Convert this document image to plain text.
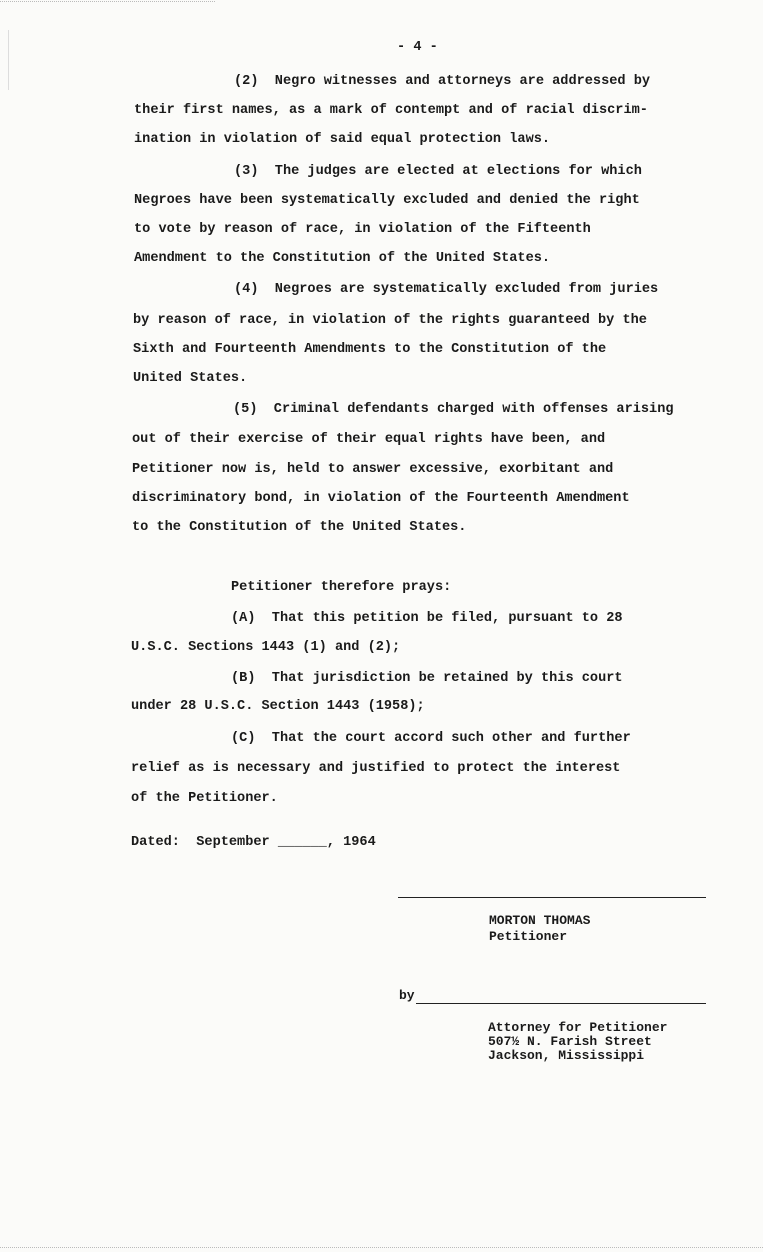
- 4 -
(2)  Negro witnesses and attorneys are addressed by
their first names, as a mark of contempt and of racial discrim-
ination in violation of said equal protection laws.
(3)  The judges are elected at elections for which
Negroes have been systematically excluded and denied the right
to vote by reason of race, in violation of the Fifteenth
Amendment to the Constitution of the United States.
(4)  Negroes are systematically excluded from juries
by reason of race, in violation of the rights guaranteed by the
Sixth and Fourteenth Amendments to the Constitution of the
United States.
(5)  Criminal defendants charged with offenses arising
out of their exercise of their equal rights have been, and
Petitioner now is, held to answer excessive, exorbitant and
discriminatory bond, in violation of the Fourteenth Amendment
to the Constitution of the United States.
Petitioner therefore prays:
(A)  That this petition be filed, pursuant to 28
U.S.C. Sections 1443 (1) and (2);
(B)  That jurisdiction be retained by this court
under 28 U.S.C. Section 1443 (1958);
(C)  That the court accord such other and further
relief as is necessary and justified to protect the interest
of the Petitioner.
Dated:  September ______, 1964
MORTON THOMAS
Petitioner
by
Attorney for Petitioner
507½ N. Farish Street
Jackson, Mississippi
